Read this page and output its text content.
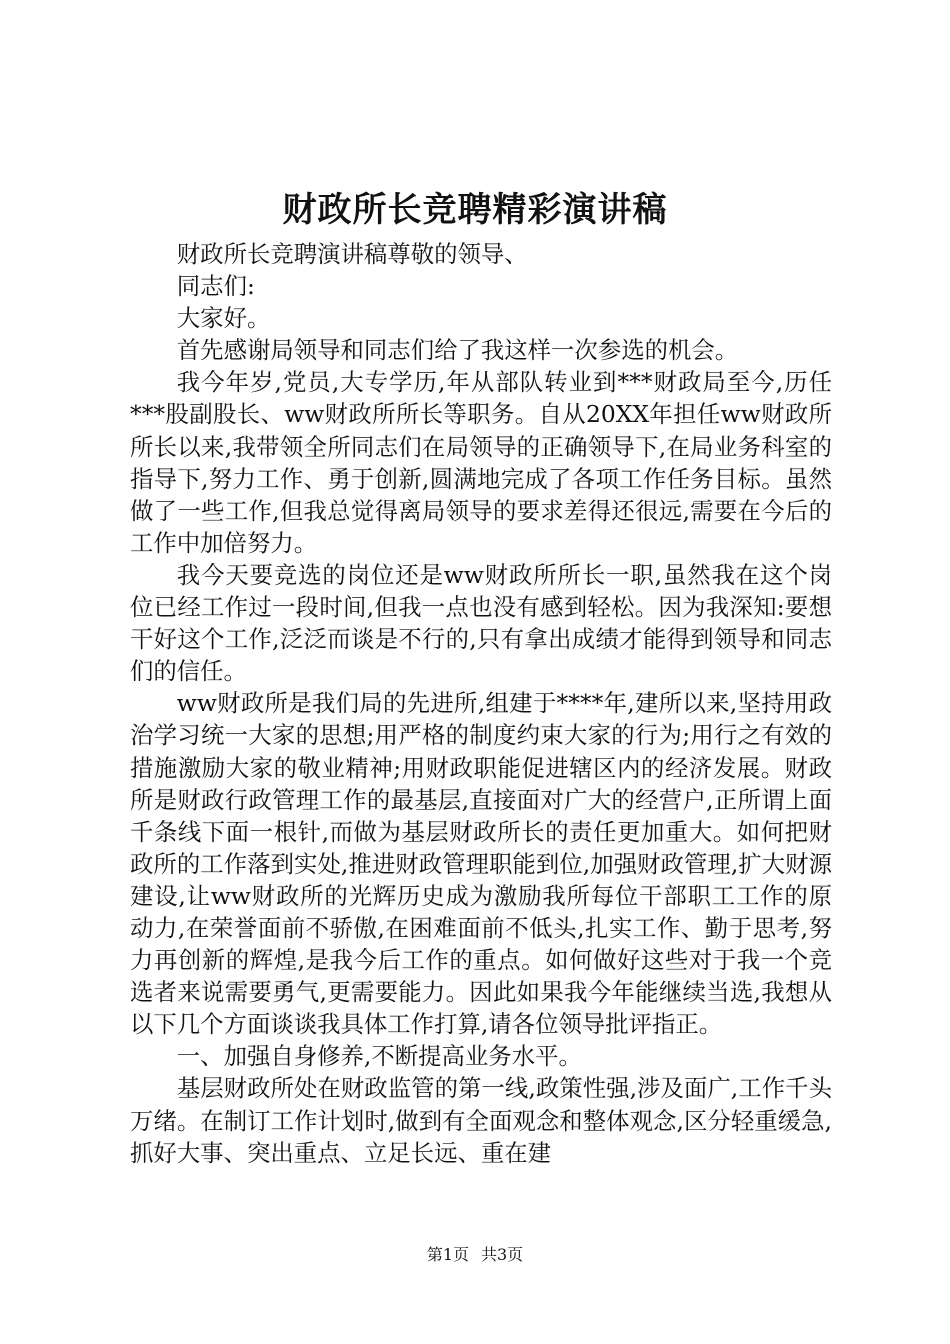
财政所长竞聘精彩演讲稿

财政所长竞聘演讲稿尊敬的领导、

同志们:

大家好。

首先感谢局领导和同志们给了我这样一次参选的机会。

我今年岁,党员,大专学历,年从部队转业到***财政局至今,历任***股副股长、ww财政所所长等职务。自从20XX年担任ww财政所所长以来,我带领全所同志们在局领导的正确领导下,在局业务科室的指导下,努力工作、勇于创新,圆满地完成了各项工作任务目标。虽然做了一些工作,但我总觉得离局领导的要求差得还很远,需要在今后的工作中加倍努力。

我今天要竞选的岗位还是ww财政所所长一职,虽然我在这个岗位已经工作过一段时间,但我一点也没有感到轻松。因为我深知:要想干好这个工作,泛泛而谈是不行的,只有拿出成绩才能得到领导和同志们的信任。

ww财政所是我们局的先进所,组建于****年,建所以来,坚持用政治学习统一大家的思想;用严格的制度约束大家的行为;用行之有效的措施激励大家的敬业精神;用财政职能促进辖区内的经济发展。财政所是财政行政管理工作的最基层,直接面对广大的经营户,正所谓上面千条线下面一根针,而做为基层财政所长的责任更加重大。如何把财政所的工作落到实处,推进财政管理职能到位,加强财政管理,扩大财源建设,让ww财政所的光辉历史成为激励我所每位干部职工工作的原动力,在荣誉面前不骄傲,在困难面前不低头,扎实工作、勤于思考,努力再创新的辉煌,是我今后工作的重点。如何做好这些对于我一个竞选者来说需要勇气,更需要能力。因此如果我今年能继续当选,我想从以下几个方面谈谈我具体工作打算,请各位领导批评指正。

一、加强自身修养,不断提高业务水平。

基层财政所处在财政监管的第一线,政策性强,涉及面广,工作千头万绪。在制订工作计划时,做到有全面观念和整体观念,区分轻重缓急,抓好大事、突出重点、立足长远、重在建

第1页 共3页
